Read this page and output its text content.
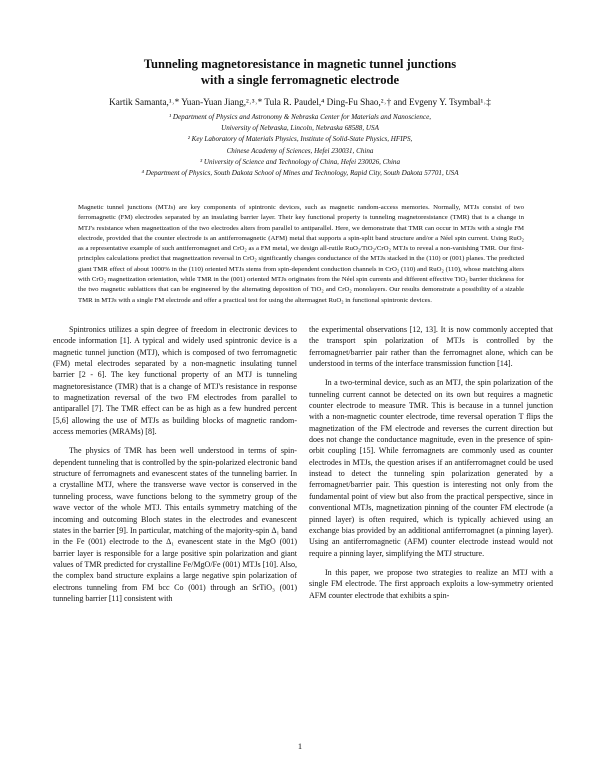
Tunneling magnetoresistance in magnetic tunnel junctions
with a single ferromagnetic electrode
Kartik Samanta,¹˒* Yuan-Yuan Jiang,²˒³˒* Tula R. Paudel,⁴ Ding-Fu Shao,²˒† and Evgeny Y. Tsymbal¹˒‡
¹ Department of Physics and Astronomy & Nebraska Center for Materials and Nanoscience,
University of Nebraska, Lincoln, Nebraska 68588, USA
² Key Laboratory of Materials Physics, Institute of Solid-State Physics, HFIPS,
Chinese Academy of Sciences, Hefei 230031, China
³ University of Science and Technology of China, Hefei 230026, China
⁴ Department of Physics, South Dakota School of Mines and Technology, Rapid City, South Dakota 57701, USA
Magnetic tunnel junctions (MTJs) are key components of spintronic devices, such as magnetic random-access memories. Normally, MTJs consist of two ferromagnetic (FM) electrodes separated by an insulating barrier layer. Their key functional property is tunneling magnetoresistance (TMR) that is a change in MTJ's resistance when magnetization of the two electrodes alters from parallel to antiparallel. Here, we demonstrate that TMR can occur in MTJs with a single FM electrode, provided that the counter electrode is an antiferromagnetic (AFM) metal that supports a spin-split band structure and/or a Néel spin current. Using RuO₂ as a representative example of such antiferromagnet and CrO₂ as a FM metal, we design all-rutile RuO₂/TiO₂/CrO₂ MTJs to reveal a non-vanishing TMR. Our first-principles calculations predict that magnetization reversal in CrO₂ significantly changes conductance of the MTJs stacked in the (110) or (001) planes. The predicted giant TMR effect of about 1000% in the (110) oriented MTJs stems from spin-dependent conduction channels in CrO₂ (110) and RuO₂ (110), whose matching alters with CrO₂ magnetization orientation, while TMR in the (001) oriented MTJs originates from the Néel spin currents and different effective TiO₂ barrier thickness for the two magnetic sublattices that can be engineered by the alternating deposition of TiO₂ and CrO₂ monolayers. Our results demonstrate a possibility of a sizable TMR in MTJs with a single FM electrode and offer a practical test for using the altermagnet RuO₂ in functional spintronic devices.

Spintronics utilizes a spin degree of freedom in electronic devices to encode information [1]. A typical and widely used spintronic device is a magnetic tunnel junction (MTJ), which is composed of two ferromagnetic (FM) metal electrodes separated by a non-magnetic insulating tunnel barrier [2 - 6]. The key functional property of an MTJ is tunneling magnetoresistance (TMR) that is a change of MTJ's resistance in response to magnetization reversal of the two FM electrodes from parallel to antiparallel [7]. The TMR effect can be as high as a few hundred percent [5,6] allowing the use of MTJs as building blocks of magnetic random-access memories (MRAMs) [8].

The physics of TMR has been well understood in terms of spin-dependent tunneling that is controlled by the spin-polarized electronic band structure of ferromagnets and evanescent states of the tunneling barrier. In a crystalline MTJ, where the transverse wave vector is conserved in the tunneling process, wave functions belong to the symmetry group of the wave vector of the whole MTJ. This entails symmetry matching of the incoming and outcoming Bloch states in the electrodes and evanescent states in the barrier [9]. In particular, matching of the majority-spin Δ₁ band in the Fe (001) electrode to the Δ₁ evanescent state in the MgO (001) barrier layer is responsible for a large positive spin polarization and giant values of TMR predicted for crystalline Fe/MgO/Fe (001) MTJs [10]. Also, the complex band structure explains a large negative spin polarization of electrons tunneling from FM bcc Co (001) through an SrTiO₃ (001) tunneling barrier [11] consistent with

the experimental observations [12, 13]. It is now commonly accepted that the transport spin polarization of MTJs is controlled by the ferromagnet/barrier pair rather than the ferromagnet alone, which can be understood in terms of the interface transmission function [14].

In a two-terminal device, such as an MTJ, the spin polarization of the tunneling current cannot be detected on its own but requires a magnetic counter electrode to measure TMR. This is because in a tunnel junction with a non-magnetic counter electrode, time reversal operation T flips the magnetization of the FM electrode and reverses the current direction but does not change the conductance magnitude, even in the presence of spin-orbit coupling [15]. While ferromagnets are commonly used as counter electrodes in MTJs, the question arises if an antiferromagnet could be used instead to detect the tunneling spin polarization generated by a ferromagnet/barrier pair. This question is interesting not only from the fundamental point of view but also from the practical perspective, since in conventional MTJs, magnetization pinning of the counter FM electrode (a pinned layer) is often required, which is typically achieved using an exchange bias provided by an additional antiferromagnet (a pinning layer). Using an antiferromagnetic (AFM) counter electrode instead would not require a pinning layer, simplifying the MTJ structure.

In this paper, we propose two strategies to realize an MTJ with a single FM electrode. The first approach exploits a low-symmetry oriented AFM counter electrode that exhibits a spin-

1
